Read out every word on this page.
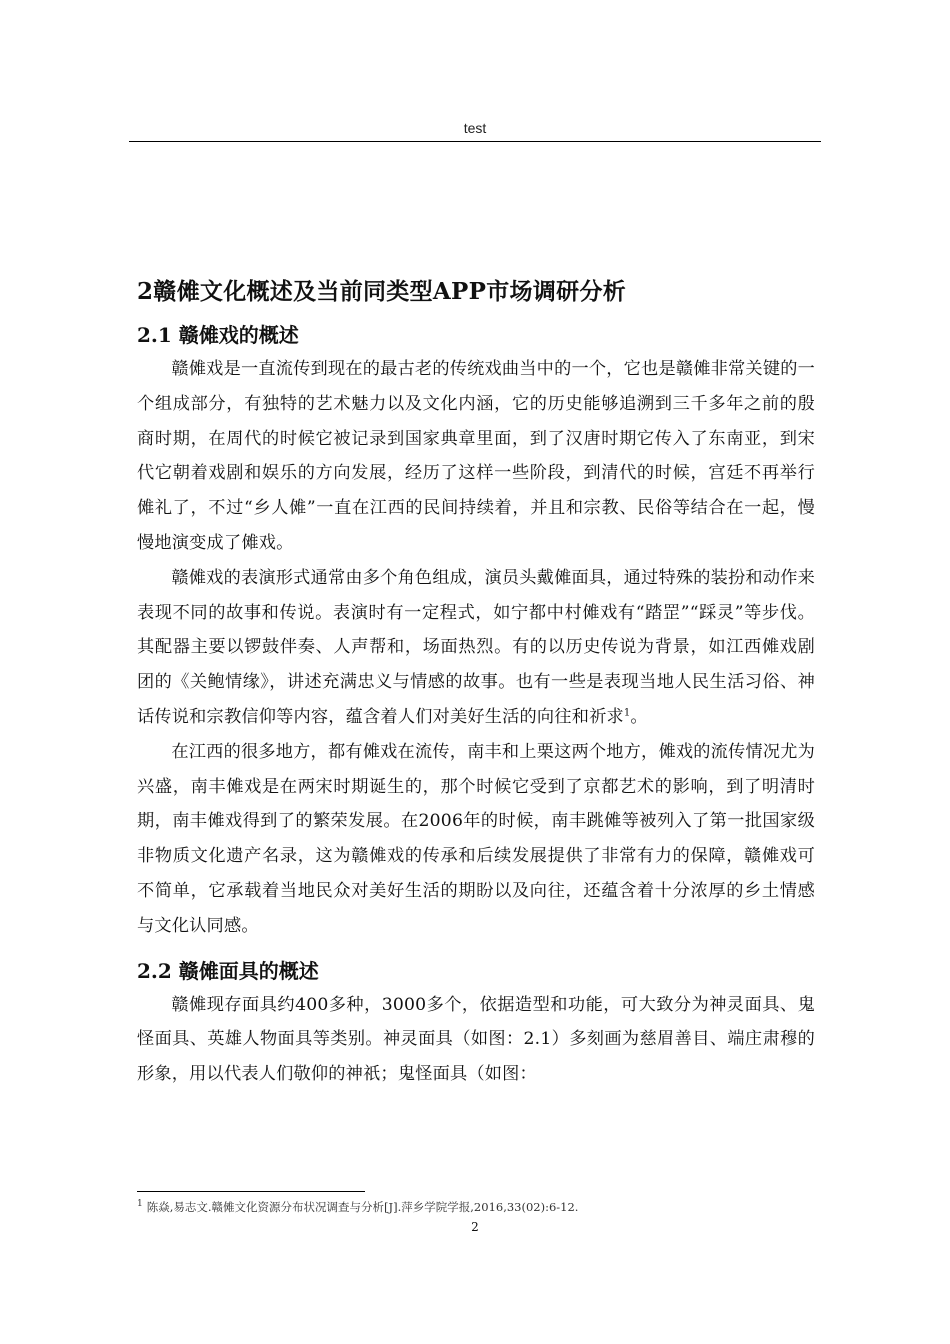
test
2赣傩文化概述及当前同类型APP市场调研分析
2.1 赣傩戏的概述

赣傩戏是一直流传到现在的最古老的传统戏曲当中的一个，它也是赣傩非常关键的一个组成部分，有独特的艺术魅力以及文化内涵，它的历史能够追溯到三千多年之前的殷商时期，在周代的时候它被记录到国家典章里面，到了汉唐时期它传入了东南亚，到宋代它朝着戏剧和娱乐的方向发展，经历了这样一些阶段，到清代的时候，宫廷不再举行傩礼了，不过“乡人傩”一直在江西的民间持续着，并且和宗教、民俗等结合在一起，慢慢地演变成了傩戏。

赣傩戏的表演形式通常由多个角色组成，演员头戴傩面具，通过特殊的装扮和动作来表现不同的故事和传说。表演时有一定程式，如宁都中村傩戏有“踏罡”“踩灵”等步伐。其配器主要以锣鼓伴奏、人声帮和，场面热烈。有的以历史传说为背景，如江西傩戏剧团的《关鲍情缘》，讲述充满忠义与情感的故事。也有一些是表现当地人民生活习俗、神话传说和宗教信仰等内容，蕴含着人们对美好生活的向往和祈求$^1$。

在江西的很多地方，都有傩戏在流传，南丰和上栗这两个地方，傩戏的流传情况尤为兴盛，南丰傩戏是在两宋时期诞生的，那个时候它受到了京都艺术的影响，到了明清时期，南丰傩戏得到了的繁荣发展。在2006年的时候，南丰跳傩等被列入了第一批国家级非物质文化遗产名录，这为赣傩戏的传承和后续发展提供了非常有力的保障，赣傩戏可不简单，它承载着当地民众对美好生活的期盼以及向往，还蕴含着十分浓厚的乡土情感与文化认同感。

2.2 赣傩面具的概述

赣傩现存面具约400多种，3000多个，依据造型和功能，可大致分为神灵面具、鬼怪面具、英雄人物面具等类别。神灵面具（如图：2.1）多刻画为慈眉善目、端庄肃穆的形象，用以代表人们敬仰的神祇；鬼怪面具（如图：

$^1$ 陈焱,易志文.赣傩文化资源分布状况调查与分析[J].萍乡学院学报,2016,33(02):6-12.
2
